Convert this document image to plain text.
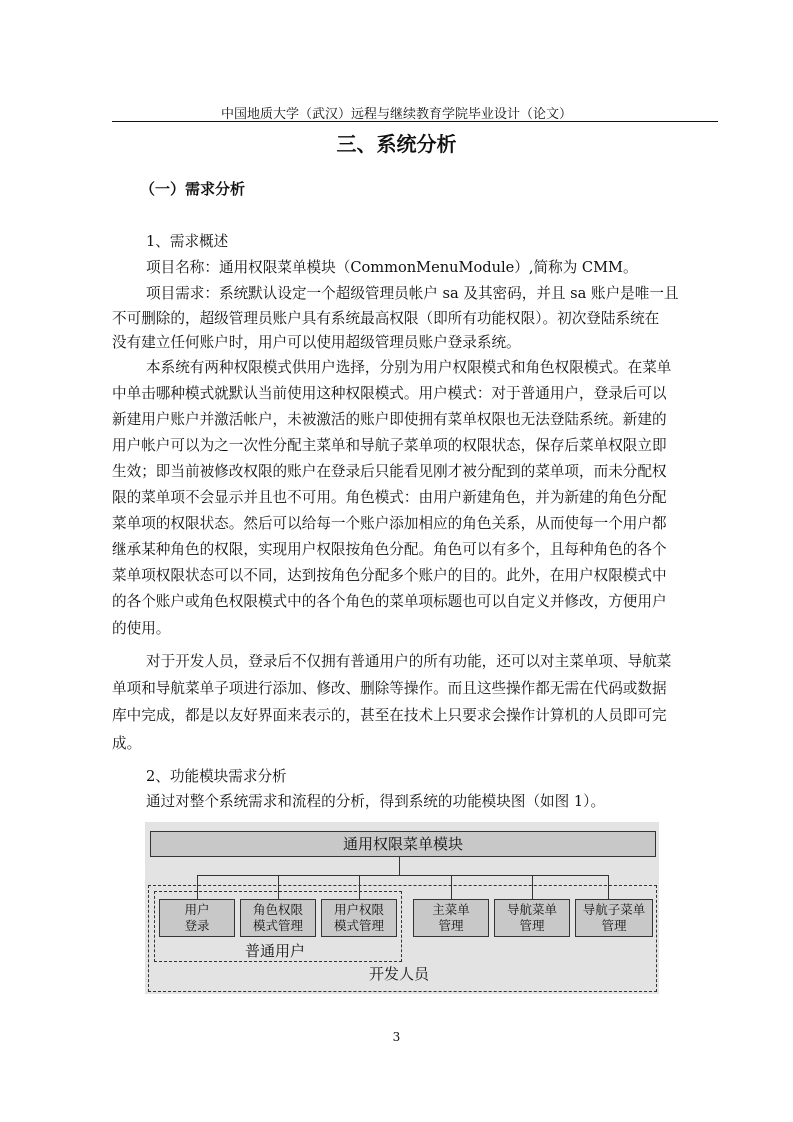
中国地质大学（武汉）远程与继续教育学院毕业设计（论文）
三、系统分析
（一）需求分析
1、需求概述
项目名称：通用权限菜单模块（CommonMenuModule）,简称为 CMM。
项目需求：系统默认设定一个超级管理员帐户 sa 及其密码，并且 sa 账户是唯一且
不可删除的，超级管理员账户具有系统最高权限（即所有功能权限）。初次登陆系统在
没有建立任何账户时，用户可以使用超级管理员账户登录系统。
本系统有两种权限模式供用户选择，分别为用户权限模式和角色权限模式。在菜单
中单击哪种模式就默认当前使用这种权限模式。用户模式：对于普通用户，登录后可以
新建用户账户并激活帐户，未被激活的账户即使拥有菜单权限也无法登陆系统。新建的
用户帐户可以为之一次性分配主菜单和导航子菜单项的权限状态，保存后菜单权限立即
生效；即当前被修改权限的账户在登录后只能看见刚才被分配到的菜单项，而未分配权
限的菜单项不会显示并且也不可用。角色模式：由用户新建角色，并为新建的角色分配
菜单项的权限状态。然后可以给每一个账户添加相应的角色关系，从而使每一个用户都
继承某种角色的权限，实现用户权限按角色分配。角色可以有多个，且每种角色的各个
菜单项权限状态可以不同，达到按角色分配多个账户的目的。此外，在用户权限模式中
的各个账户或角色权限模式中的各个角色的菜单项标题也可以自定义并修改，方便用户
的使用。
对于开发人员，登录后不仅拥有普通用户的所有功能，还可以对主菜单项、导航菜
单项和导航菜单子项进行添加、修改、删除等操作。而且这些操作都无需在代码或数据
库中完成，都是以友好界面来表示的，甚至在技术上只要求会操作计算机的人员即可完
成。
2、功能模块需求分析
通过对整个系统需求和流程的分析，得到系统的功能模块图（如图 1）。
通用权限菜单模块
用户
登录
角色权限
模式管理
用户权限
模式管理
主菜单
管理
导航菜单
管理
导航子菜单
管理
普通用户
开发人员
3
